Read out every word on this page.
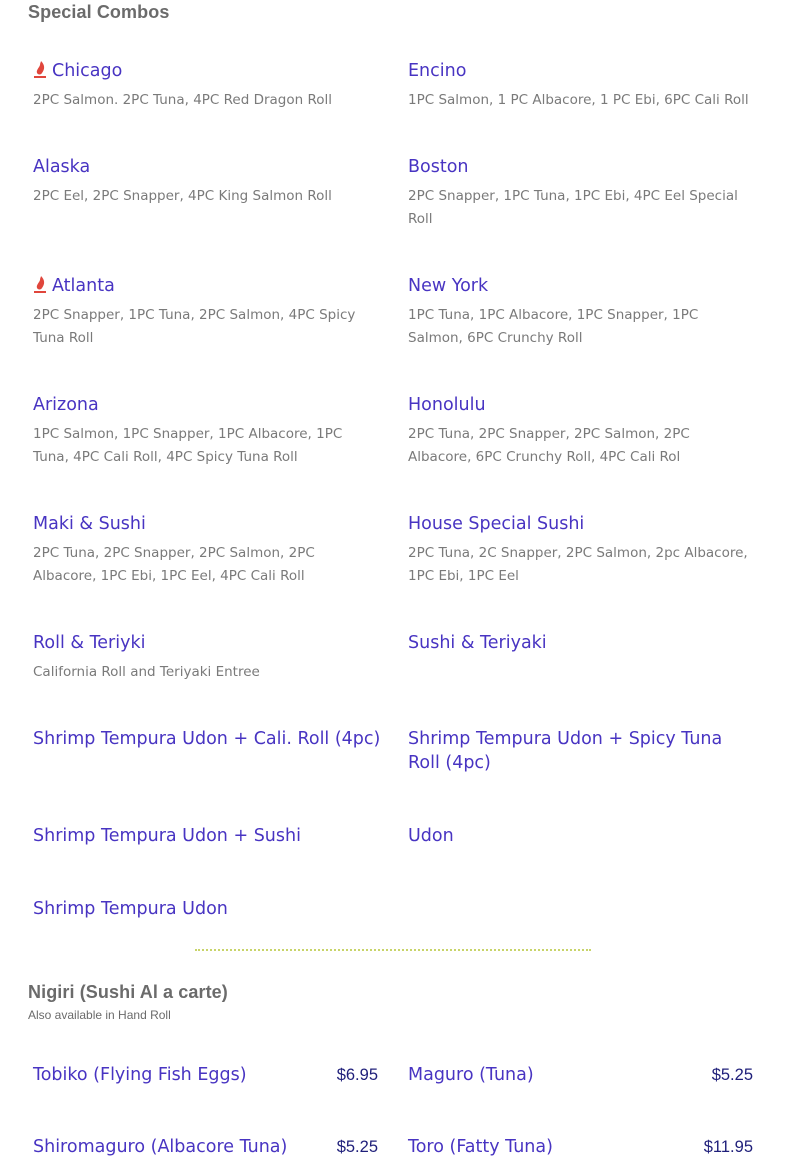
Special Combos
Chicago
2PC Salmon. 2PC Tuna, 4PC Red Dragon Roll
Encino
1PC Salmon, 1 PC Albacore, 1 PC Ebi, 6PC Cali Roll
Alaska
2PC Eel, 2PC Snapper, 4PC King Salmon Roll
Boston
2PC Snapper, 1PC Tuna, 1PC Ebi, 4PC Eel Special Roll
Atlanta
2PC Snapper, 1PC Tuna, 2PC Salmon, 4PC Spicy Tuna Roll
New York
1PC Tuna, 1PC Albacore, 1PC Snapper, 1PC Salmon, 6PC Crunchy Roll
Arizona
1PC Salmon, 1PC Snapper, 1PC Albacore, 1PC Tuna, 4PC Cali Roll, 4PC Spicy Tuna Roll
Honolulu
2PC Tuna, 2PC Snapper, 2PC Salmon, 2PC Albacore, 6PC Crunchy Roll, 4PC Cali Rol
Maki & Sushi
2PC Tuna, 2PC Snapper, 2PC Salmon, 2PC Albacore, 1PC Ebi, 1PC Eel, 4PC Cali Roll
House Special Sushi
2PC Tuna, 2C Snapper, 2PC Salmon, 2pc Albacore, 1PC Ebi, 1PC Eel
Roll & Teriyki
California Roll and Teriyaki Entree
Sushi & Teriyaki
Shrimp Tempura Udon + Cali. Roll (4pc) Shrimp Tempura Udon + Spicy Tuna Roll (4pc)
Shrimp Tempura Udon + Sushi	Udon
Shrimp Tempura Udon
Nigiri (Sushi Al a carte)
Also available in Hand Roll
Tobiko (Flying Fish Eggs)	$6.95 Maguro (Tuna)	$5.25
Shiromaguro (Albacore Tuna)	$5.25 Toro (Fatty Tuna)	$11.95
